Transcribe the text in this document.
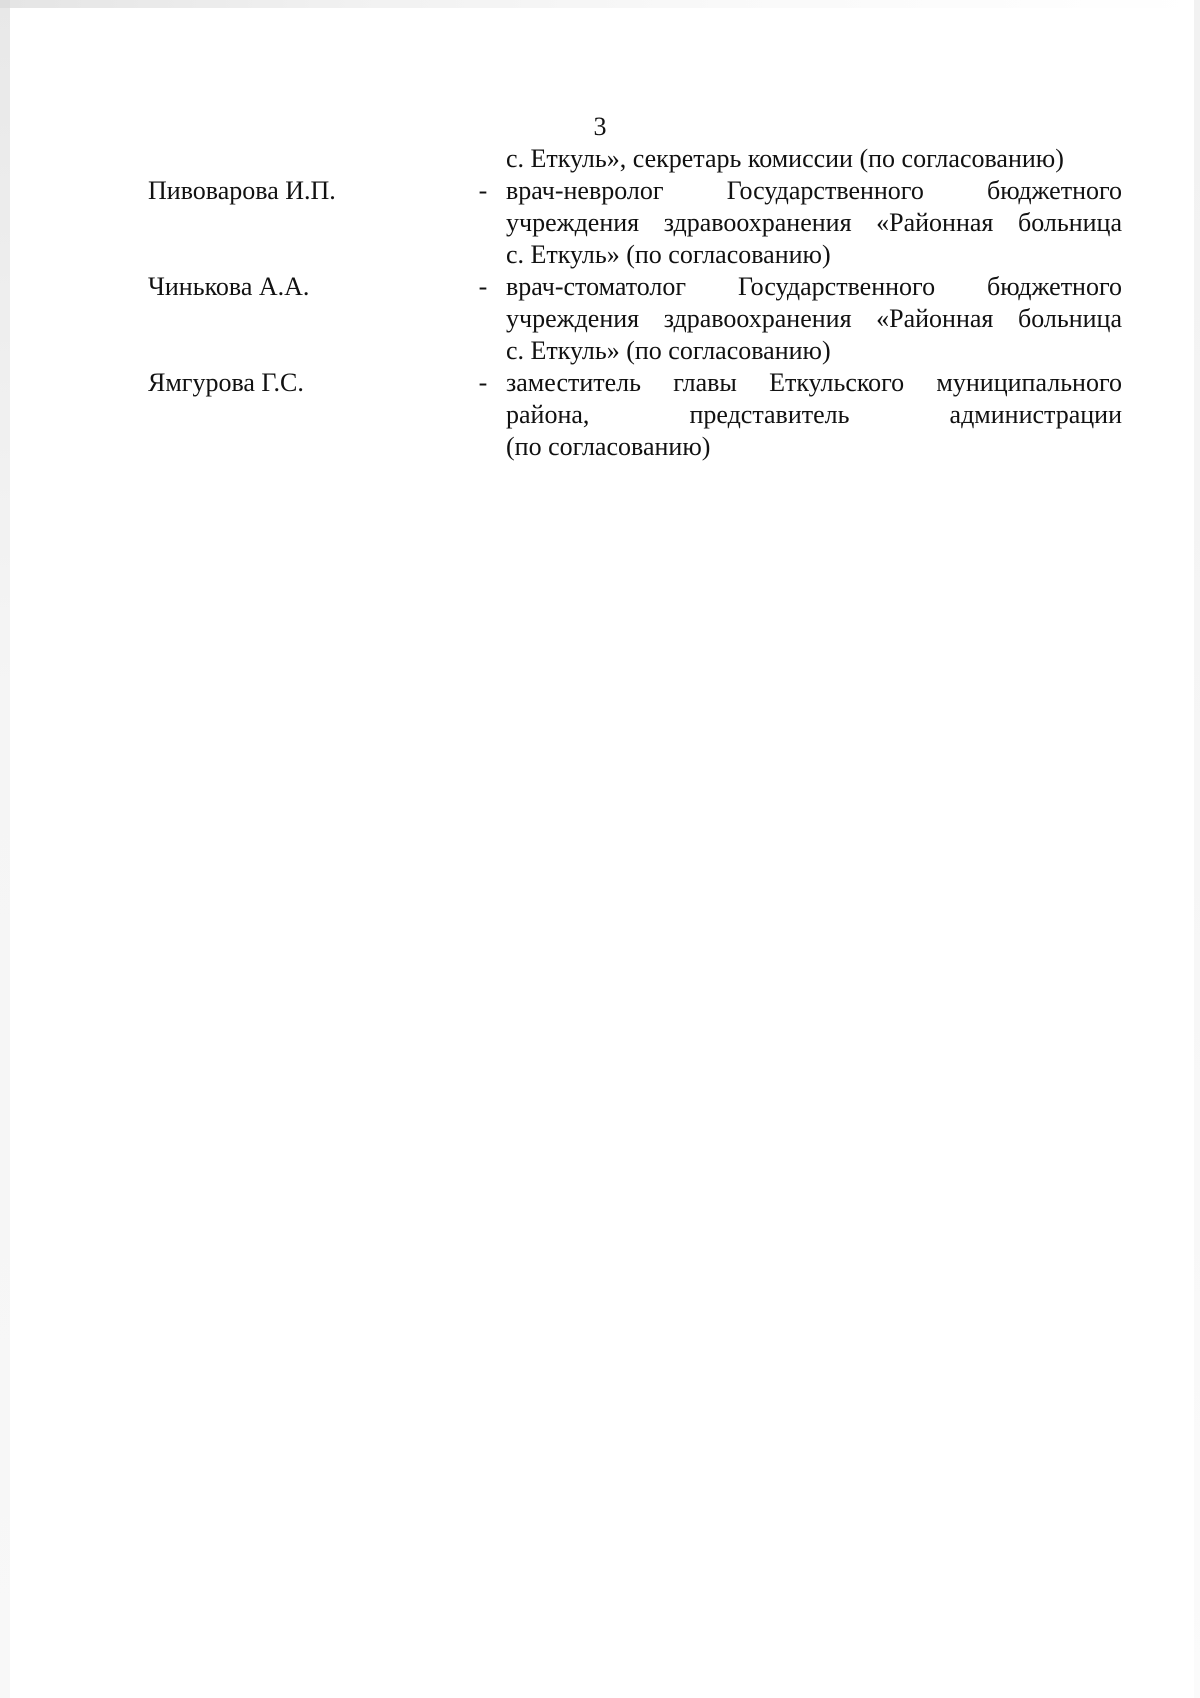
3
с. Еткуль», секретарь комиссии (по согласованию)
Пивоварова И.П.	- врач-невролог Государственного бюджетного
учреждения здравоохранения «Районная больница
с. Еткуль» (по согласованию)
Чинькова А.А.	- врач-стоматолог Государственного бюджетного
учреждения здравоохранения «Районная больница
с. Еткуль» (по согласованию)
Ямгурова Г.С.	- заместитель главы Еткульского муниципального
района, представитель администрации
(по согласованию)
